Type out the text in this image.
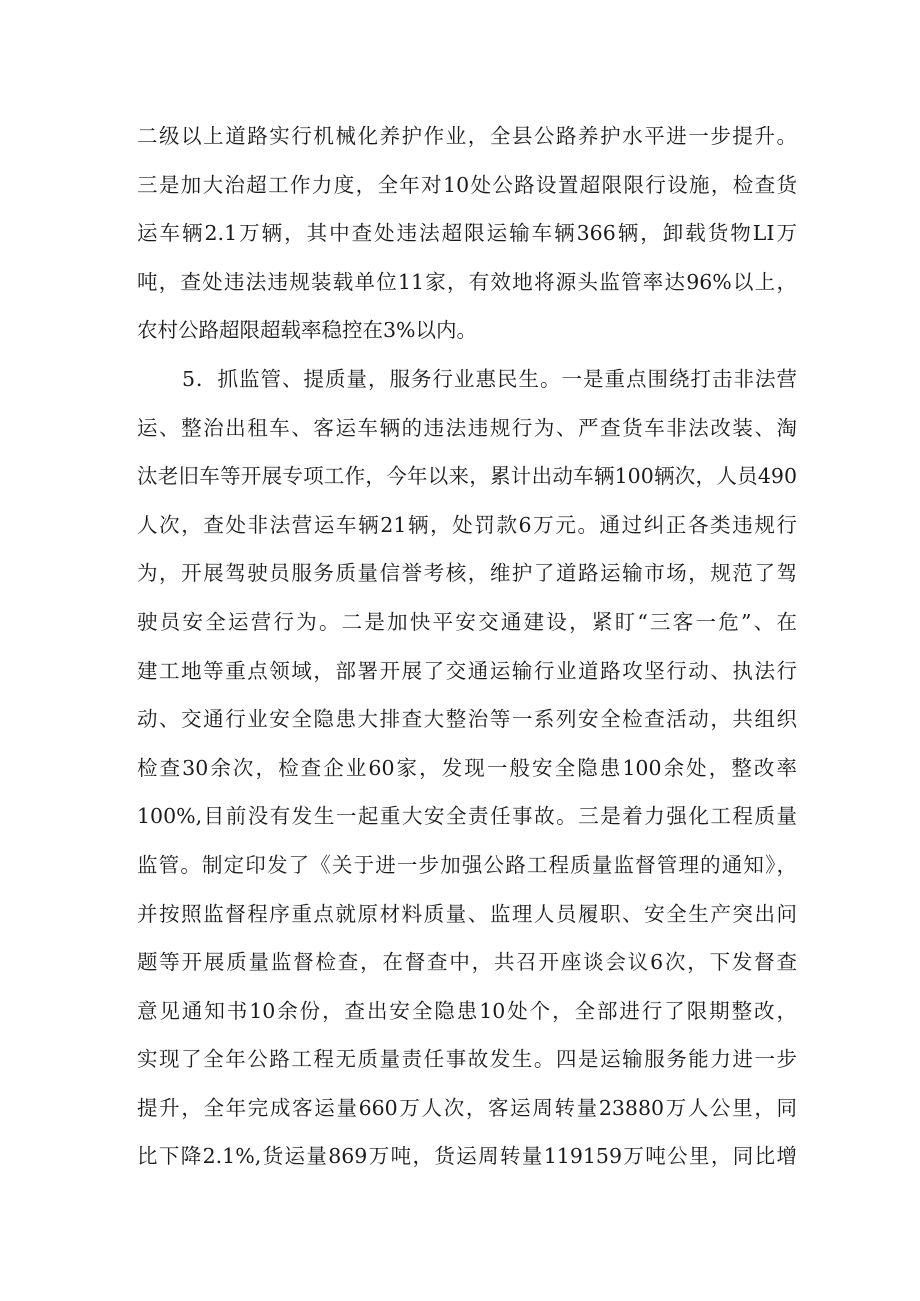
二级以上道路实行机械化养护作业，全县公路养护水平进一步提升。
三是加大治超工作力度，全年对10处公路设置超限限行设施，检查货
运车辆2.1万辆，其中查处违法超限运输车辆366辆，卸载货物LI万
吨，查处违法违规装载单位11家，有效地将源头监管率达96%以上，
农村公路超限超载率稳控在3%以内。
5．抓监管、提质量，服务行业惠民生。一是重点围绕打击非法营
运、整治出租车、客运车辆的违法违规行为、严查货车非法改装、淘
汰老旧车等开展专项工作，今年以来，累计出动车辆100辆次，人员490
人次，查处非法营运车辆21辆，处罚款6万元。通过纠正各类违规行
为，开展驾驶员服务质量信誉考核，维护了道路运输市场，规范了驾
驶员安全运营行为。二是加快平安交通建设，紧盯“三客一危”、在
建工地等重点领域，部署开展了交通运输行业道路攻坚行动、执法行
动、交通行业安全隐患大排查大整治等一系列安全检查活动，共组织
检查30余次，检查企业60家，发现一般安全隐患100余处，整改率
100%,目前没有发生一起重大安全责任事故。三是着力强化工程质量
监管。制定印发了《关于进一步加强公路工程质量监督管理的通知》，
并按照监督程序重点就原材料质量、监理人员履职、安全生产突出问
题等开展质量监督检查，在督查中，共召开座谈会议6次，下发督查
意见通知书10余份，查出安全隐患10处个，全部进行了限期整改，
实现了全年公路工程无质量责任事故发生。四是运输服务能力进一步
提升，全年完成客运量660万人次，客运周转量23880万人公里，同
比下降2.1%,货运量869万吨，货运周转量119159万吨公里，同比增
